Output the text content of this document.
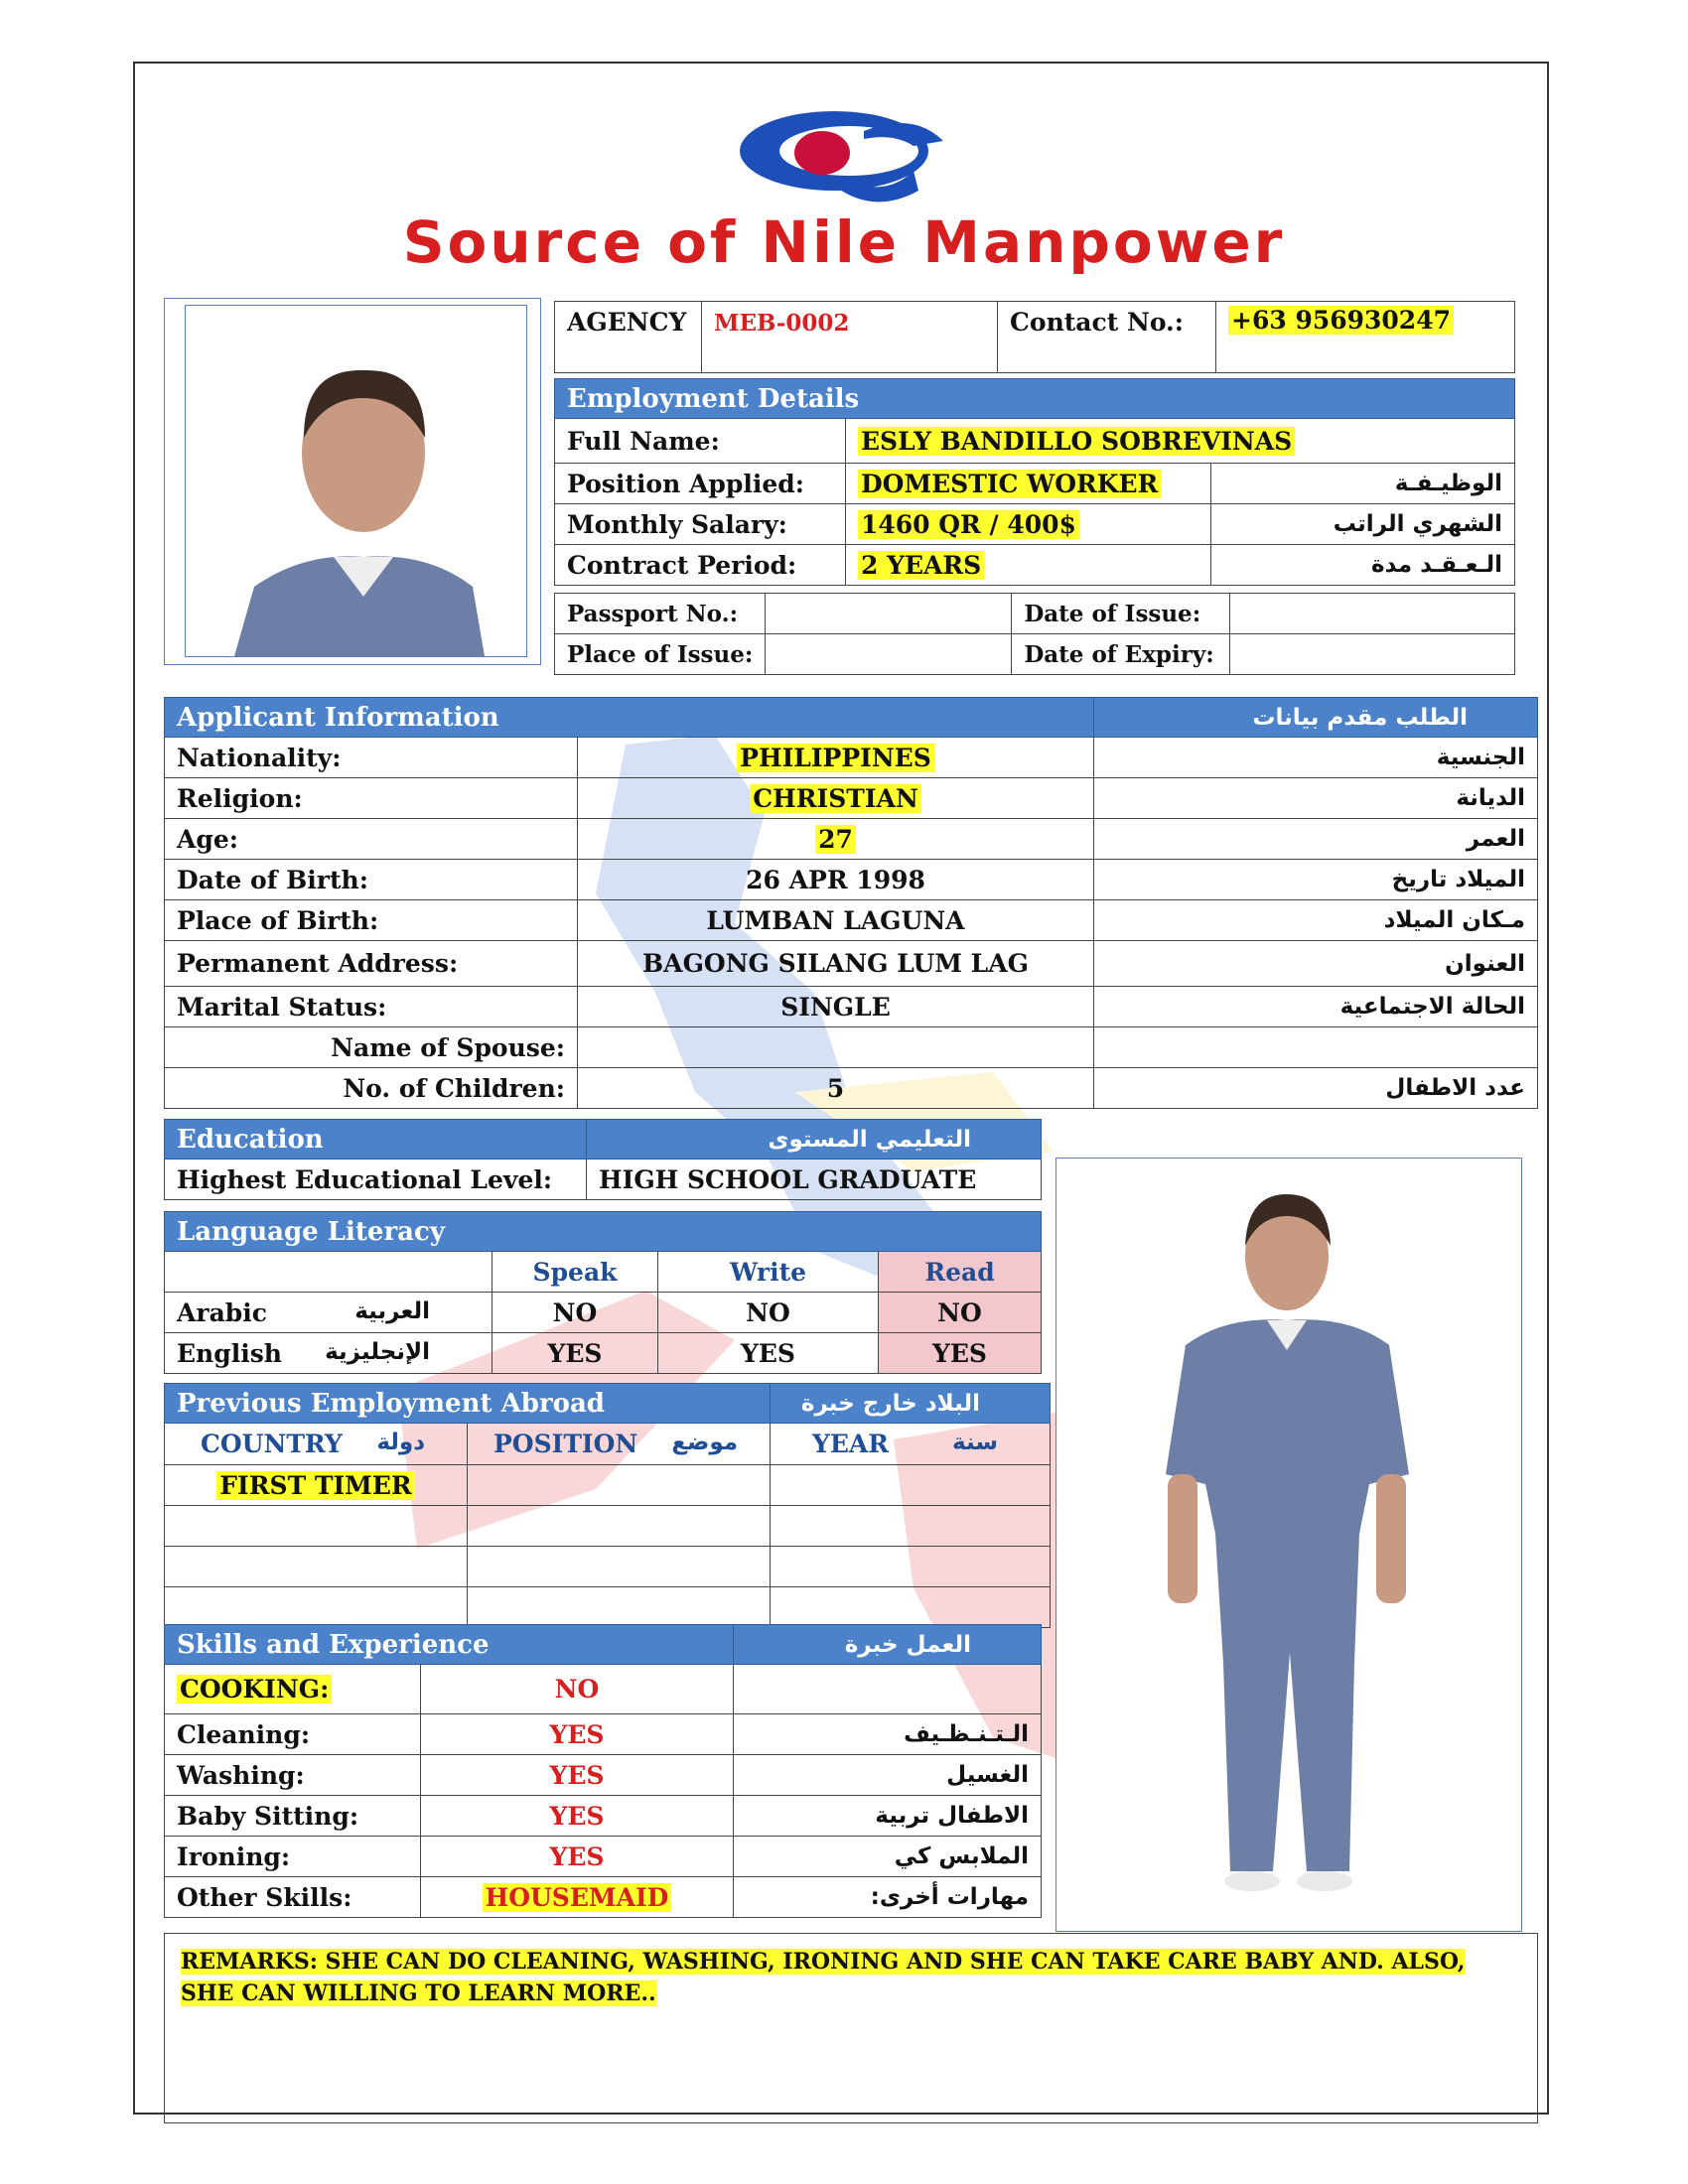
Source of Nile Manpower
AGENCY	MEB-0002	Contact No.:	+63 956930247
Employment Details		
Full Name:	ESLY BANDILLO SOBREVINAS	
Position Applied:	DOMESTIC WORKER	الوظيـفـة
Monthly Salary:	1460 QR / 400$	الشهري الراتب
Contract Period:	2 YEARS	الـعـقـد مدة
Passport No.:		Date of Issue:	
Place of Issue:		Date of Expiry:	
Applicant Information		الطلب مقدم بيانات
Nationality:	PHILIPPINES	الجنسية
Religion:	CHRISTIAN	الديانة
Age:	27	العمر
Date of Birth:	26 APR 1998	الميلاد تاريخ
Place of Birth:	LUMBAN LAGUNA	مـكان الميلاد
Permanent Address:	BAGONG SILANG LUM LAG	العنوان
Marital Status:	SINGLE	الحالة الاجتماعية
Name of Spouse:		
No. of Children:	5	عدد الاطفال
Education	التعليمي المستوى
Highest Educational Level:	HIGH SCHOOL GRADUATE
Language Literacy			
	Speak	Write	Read
Arabic العربية	NO	NO	NO
English الإنجليزية	YES	YES	YES
Previous Employment Abroad		البلاد خارج خبرة
COUNTRY دولة	POSITION موضع	YEAR سنة

FIRST TIMER		

Skills and Experience		العمل خبرة
COOKING:	NO	
Cleaning:	YES	الـتـنـظـيف
Washing:	YES	الغسيل
Baby Sitting:	YES	الاطفال تربية
Ironing:	YES	الملابس كي
Other Skills:	HOUSEMAID	مهارات أخرى:
REMARKS: SHE CAN DO CLEANING, WASHING, IRONING AND SHE CAN TAKE CARE BABY AND. ALSO, SHE CAN WILLING TO LEARN MORE..
